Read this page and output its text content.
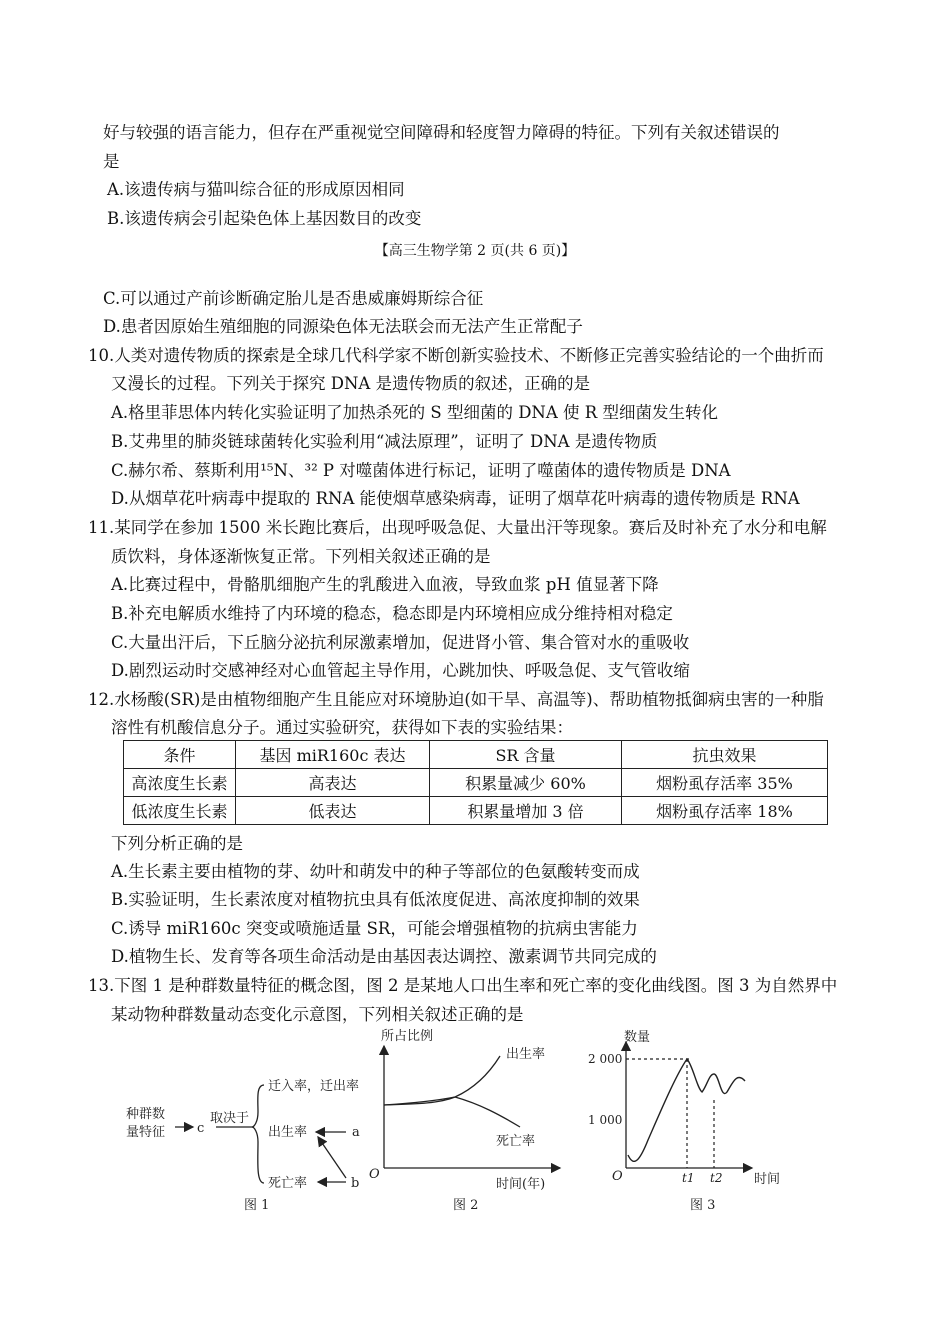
好与较强的语言能力，但存在严重视觉空间障碍和轻度智力障碍的特征。下列有关叙述错误的
是
A.该遗传病与猫叫综合征的形成原因相同
B.该遗传病会引起染色体上基因数目的改变
【高三生物学第 2 页(共 6 页)】
C.可以通过产前诊断确定胎儿是否患威廉姆斯综合征
D.患者因原始生殖细胞的同源染色体无法联会而无法产生正常配子
10.人类对遗传物质的探索是全球几代科学家不断创新实验技术、不断修正完善实验结论的一个曲折而
又漫长的过程。下列关于探究 DNA 是遗传物质的叙述，正确的是
A.格里菲思体内转化实验证明了加热杀死的 S 型细菌的 DNA 使 R 型细菌发生转化
B.艾弗里的肺炎链球菌转化实验利用“减法原理”，证明了 DNA 是遗传物质
C.赫尔希、蔡斯利用¹⁵N、³² P 对噬菌体进行标记，证明了噬菌体的遗传物质是 DNA
D.从烟草花叶病毒中提取的 RNA 能使烟草感染病毒，证明了烟草花叶病毒的遗传物质是 RNA
11.某同学在参加 1500 米长跑比赛后，出现呼吸急促、大量出汗等现象。赛后及时补充了水分和电解
质饮料，身体逐渐恢复正常。下列相关叙述正确的是
A.比赛过程中，骨骼肌细胞产生的乳酸进入血液，导致血浆 pH 值显著下降
B.补充电解质水维持了内环境的稳态，稳态即是内环境相应成分维持相对稳定
C.大量出汗后，下丘脑分泌抗利尿激素增加，促进肾小管、集合管对水的重吸收
D.剧烈运动时交感神经对心血管起主导作用，心跳加快、呼吸急促、支气管收缩
12.水杨酸(SR)是由植物细胞产生且能应对环境胁迫(如干旱、高温等)、帮助植物抵御病虫害的一种脂
溶性有机酸信息分子。通过实验研究，获得如下表的实验结果：
条件	基因 miR160c 表达	SR 含量	抗虫效果
高浓度生长素	高表达	积累量减少 60%	烟粉虱存活率 35%
低浓度生长素	低表达	积累量增加 3 倍	烟粉虱存活率 18%
下列分析正确的是
A.生长素主要由植物的芽、幼叶和萌发中的种子等部位的色氨酸转变而成
B.实验证明，生长素浓度对植物抗虫具有低浓度促进、高浓度抑制的效果
C.诱导 miR160c 突变或喷施适量 SR，可能会增强植物的抗病虫害能力
D.植物生长、发育等各项生命活动是由基因表达调控、激素调节共同完成的
13.下图 1 是种群数量特征的概念图，图 2 是某地人口出生率和死亡率的变化曲线图。图 3 为自然界中
某动物种群数量动态变化示意图，下列相关叙述正确的是
种群数
量特征 c
取决于
迁入率，迁出率
出生率
死亡率
a
b
图 1
所占比例
O
时间(年)
出生率
死亡率
图 2
数量
时间
O
2 000
1 000
t1 t2
图 3
